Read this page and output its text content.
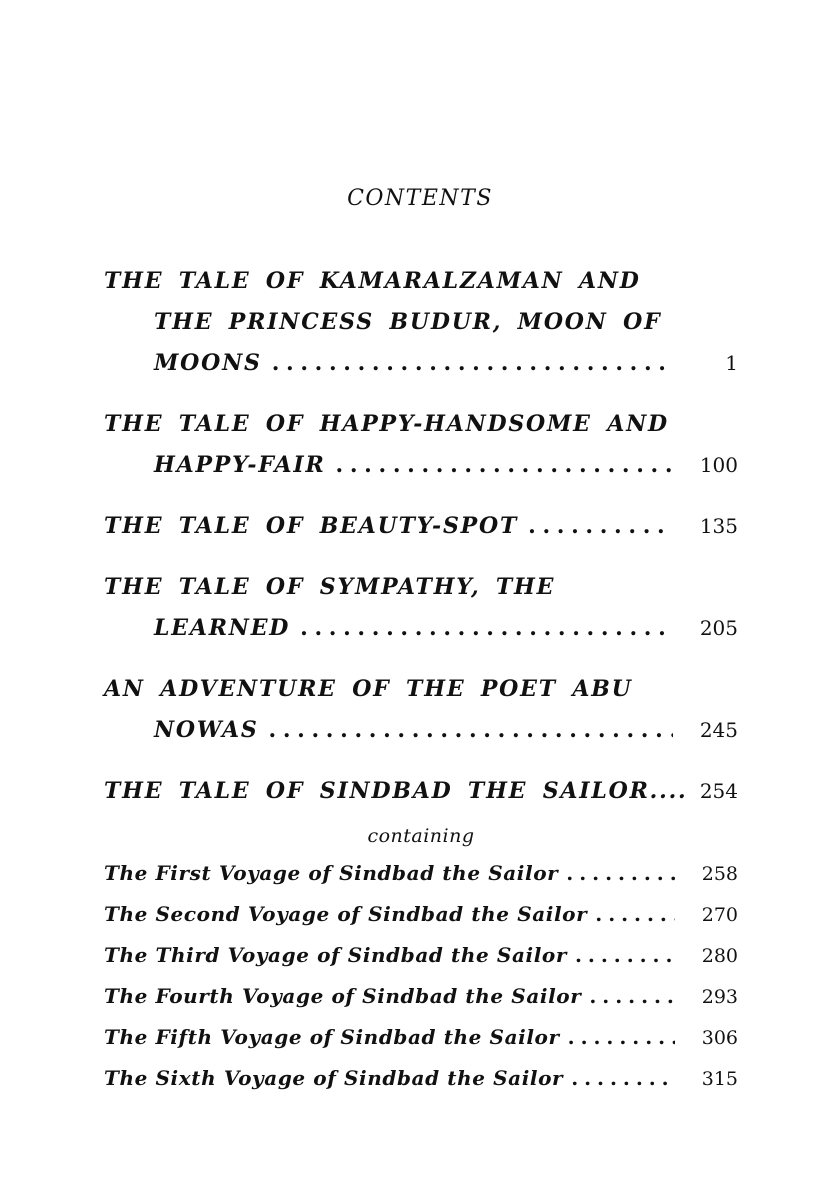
CONTENTS
THE TALE OF KAMARALZAMAN AND
THE PRINCESS BUDUR, MOON OF
MOONS . . .	1
THE TALE OF HAPPY-HANDSOME AND
HAPPY-FAIR . . .	100
THE TALE OF BEAUTY-SPOT . . .	135
THE TALE OF SYMPATHY, THE
LEARNED . . .	205
AN ADVENTURE OF THE POET ABU
NOWAS . . .	245
THE TALE OF SINDBAD THE SAILOR.... 254
containing
The First Voyage of Sindbad the Sailor . . .	258
The Second Voyage of Sindbad the Sailor . . .	270
The Third Voyage of Sindbad the Sailor . . .	280
The Fourth Voyage of Sindbad the Sailor . . .	293
The Fifth Voyage of Sindbad the Sailor . . .	306
The Sixth Voyage of Sindbad the Sailor . . .	315
